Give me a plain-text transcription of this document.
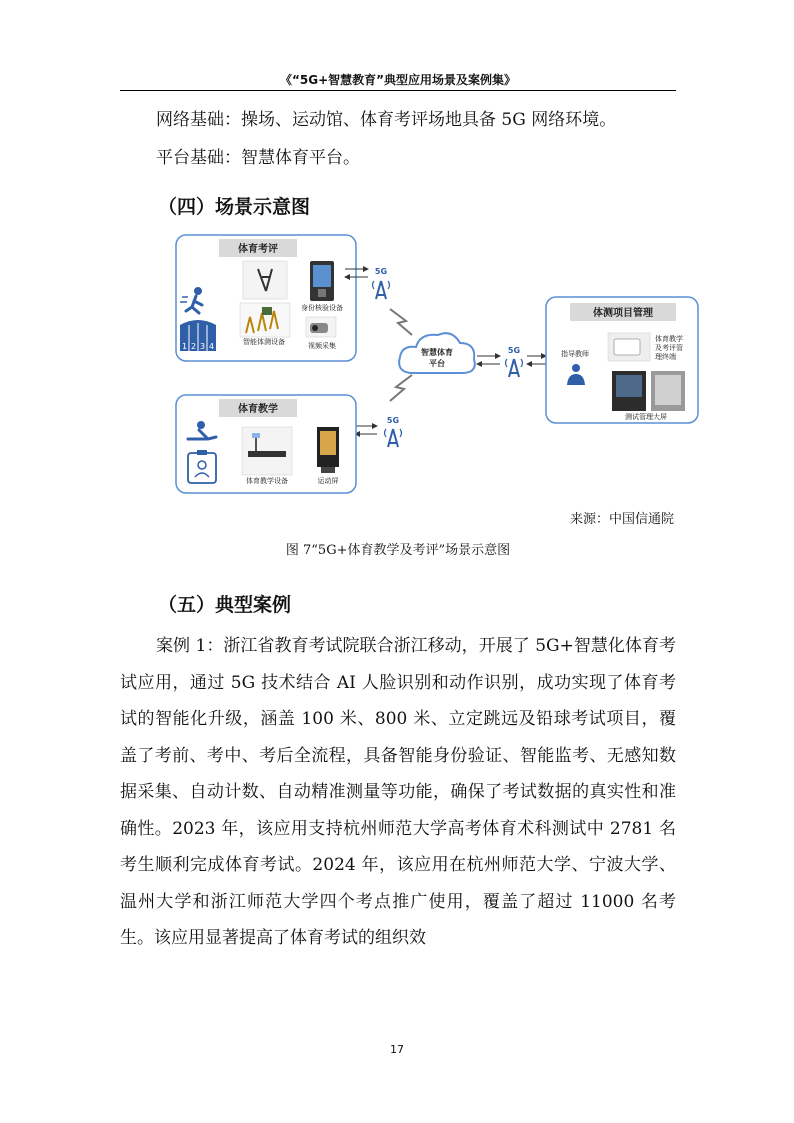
《“5G+智慧教育”典型应用场景及案例集》

网络基础：操场、运动馆、体育考评场地具备 5G 网络环境。

平台基础：智慧体育平台。

（四）场景示意图
体育考评
1 2 3 4
身份核验设备
智能体测设备	视频采集
5G
智慧体育
平台
5G
体测项目管理
指导教师
体育教学
及考评管
理终端
测试管理大屏
5G
体育教学
体育教学设备	运动屏
来源：中国信通院
图 7“5G+体育教学及考评”场景示意图
（五）典型案例

案例 1：浙江省教育考试院联合浙江移动，开展了 5G+智慧化体育考试应用，通过 5G 技术结合 AI 人脸识别和动作识别，成功实现了体育考试的智能化升级，涵盖 100 米、800 米、立定跳远及铅球考试项目，覆盖了考前、考中、考后全流程，具备智能身份验证、智能监考、无感知数据采集、自动计数、自动精准测量等功能，确保了考试数据的真实性和准确性。2023 年，该应用支持杭州师范大学高考体育术科测试中 2781 名考生顺利完成体育考试。2024 年，该应用在杭州师范大学、宁波大学、温州大学和浙江师范大学四个考点推广使用，覆盖了超过 11000 名考生。该应用显著提高了体育考试的组织效

17
